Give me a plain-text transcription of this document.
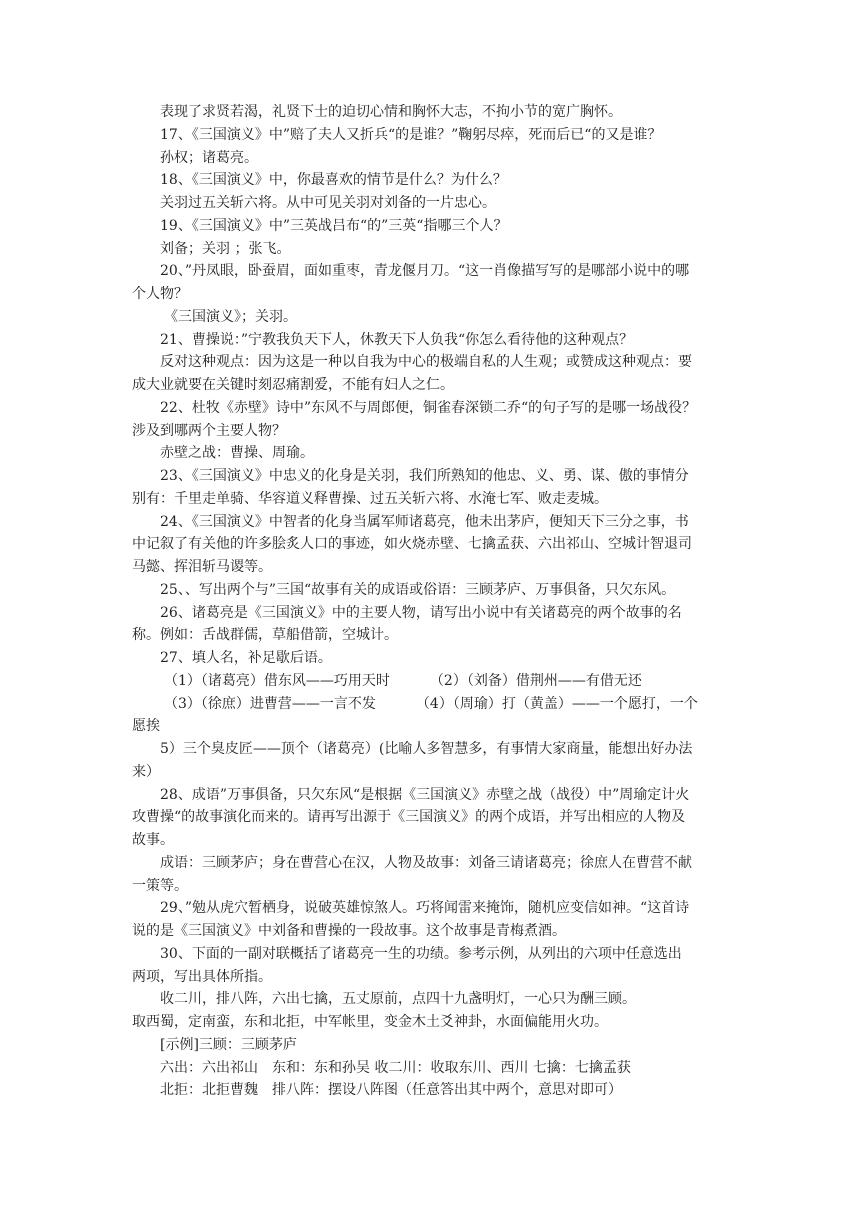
表现了求贤若渴，礼贤下士的迫切心情和胸怀大志，不拘小节的宽广胸怀。
17、《三国演义》中”赔了夫人又折兵“的是谁？”鞠躬尽瘁，死而后已“的又是谁？
孙权；诸葛亮。
18、《三国演义》中，你最喜欢的情节是什么？为什么？
关羽过五关斩六将。从中可见关羽对刘备的一片忠心。
19、《三国演义》中”三英战吕布“的”三英“指哪三个人？
刘备；关羽 ；张飞。
20、”丹凤眼，卧蚕眉，面如重枣，青龙偃月刀。“这一肖像描写写的是哪部小说中的哪
个人物？
《三国演义》；关羽。
21、曹操说：”宁教我负天下人，休教天下人负我“你怎么看待他的这种观点？
反对这种观点：因为这是一种以自我为中心的极端自私的人生观；或赞成这种观点：要
成大业就要在关键时刻忍痛割爱，不能有妇人之仁。
22、杜牧《赤壁》诗中”东风不与周郎便，铜雀春深锁二乔“的句子写的是哪一场战役？
涉及到哪两个主要人物？
赤壁之战：曹操、周瑜。
23、《三国演义》中忠义的化身是关羽，我们所熟知的他忠、义、勇、谋、傲的事情分
别有：千里走单骑、华容道义释曹操、过五关斩六将、水淹七军、败走麦城。
24、《三国演义》中智者的化身当属军师诸葛亮，他未出茅庐，便知天下三分之事，书
中记叙了有关他的许多脍炙人口的事迹，如火烧赤壁、七擒孟获、六出祁山、空城计智退司
马懿、挥泪斩马谡等。
25、、写出两个与”三国“故事有关的成语或俗语：三顾茅庐、万事俱备，只欠东风。
26、诸葛亮是《三国演义》中的主要人物，请写出小说中有关诸葛亮的两个故事的名
称。例如：舌战群儒，草船借箭，空城计。
27、填人名，补足歇后语。
（1）（诸葛亮）借东风——巧用天时	（2）（刘备）借荆州——有借无还
（3）（徐庶）进曹营——一言不发	（4）（周瑜）打（黄盖）——一个愿打，一个
愿挨
5）三个臭皮匠——顶个（诸葛亮）(比喻人多智慧多，有事情大家商量，能想出好办法
来）
28、成语”万事俱备，只欠东风“是根据《三国演义》赤壁之战（战役）中”周瑜定计火
攻曹操“的故事演化而来的。请再写出源于《三国演义》的两个成语，并写出相应的人物及
故事。
成语：三顾茅庐；身在曹营心在汉，人物及故事：刘备三请诸葛亮；徐庶人在曹营不献
一策等。
29、”勉从虎穴暂栖身，说破英雄惊煞人。巧将闻雷来掩饰，随机应变信如神。“这首诗
说的是《三国演义》中刘备和曹操的一段故事。这个故事是青梅煮酒。
30、下面的一副对联概括了诸葛亮一生的功绩。参考示例，从列出的六项中任意选出
两项，写出具体所指。
收二川，排八阵，六出七擒，五丈原前，点四十九盏明灯，一心只为酬三顾。
取西蜀，定南蛮，东和北拒，中军帐里，变金木土爻神卦，水面偏能用火功。
[示例]三顾：三顾茅庐
六出：六出祁山 东和：东和孙吴 收二川：收取东川、西川 七擒：七擒孟获
北拒：北拒曹魏 排八阵：摆设八阵图（任意答出其中两个，意思对即可）
